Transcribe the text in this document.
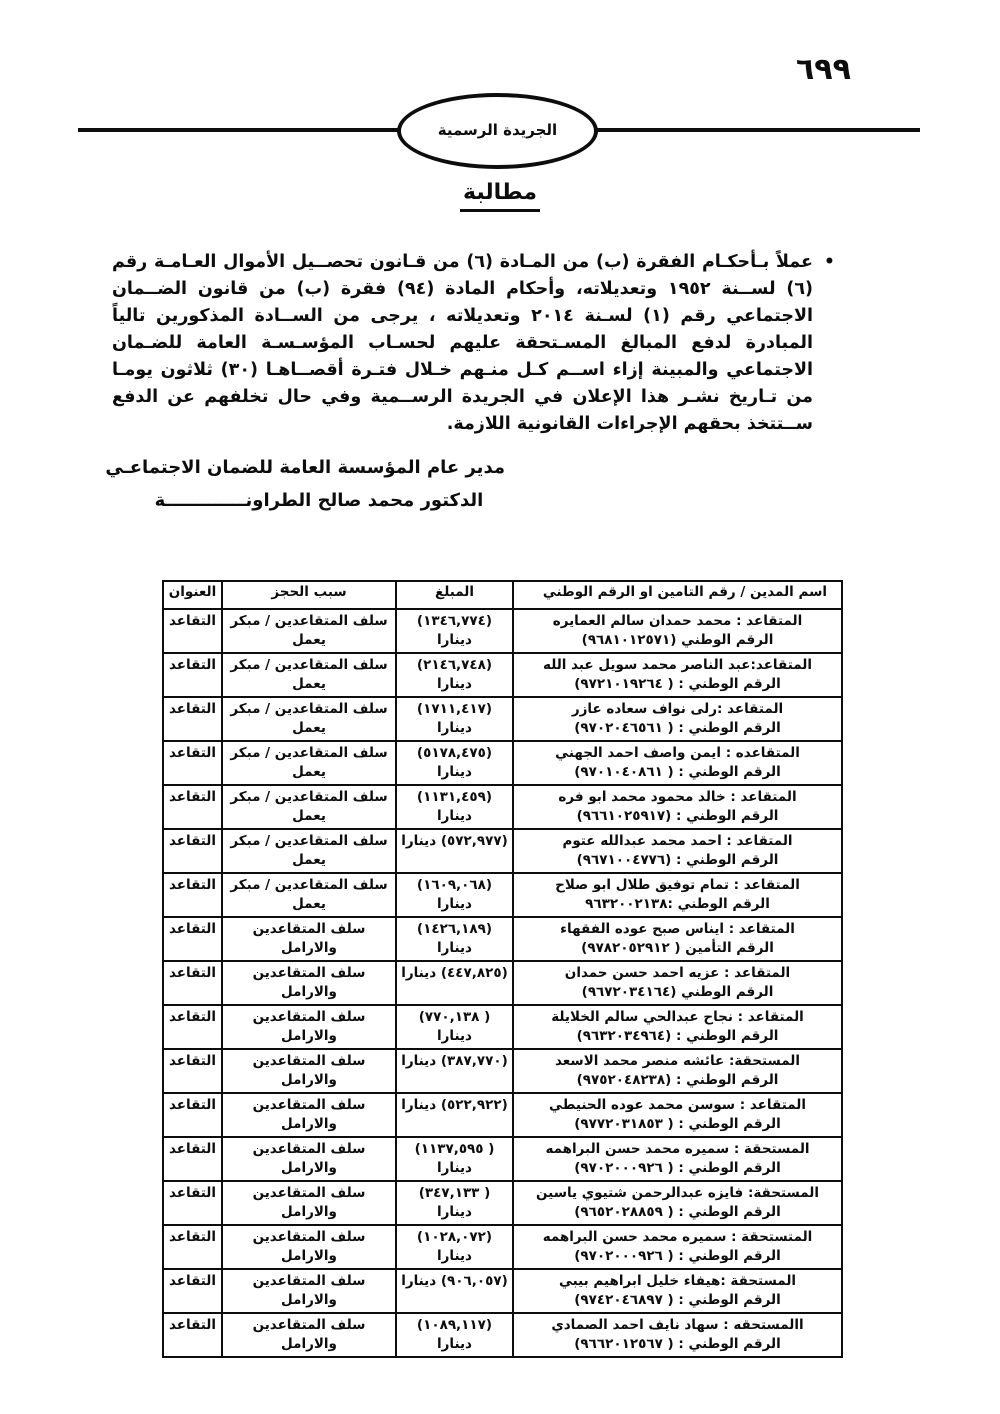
٦٩٩
الجريدة الرسمية
مطالبة
•

عملاً بـأحكـام الفقرة (ب) من المـادة (٦) من قـانون تحصــيل الأموال العـامـة رقم (٦) لســنة ١٩٥٢ وتعديلاته، وأحكام المادة (٩٤) فقرة (ب) من قانون الضــمان الاجتماعي رقم (١) لسـنة ٢٠١٤ وتعديلاته ، يرجى من الســادة المذكورين تالياً المبادرة لدفع المبالغ المسـتحقة عليهم لحسـاب المؤسـسـة العامة للضـمان الاجتماعي والمبينة إزاء اســم كـل منـهم خـلال فتـرة أقصــاهـا (٣٠) ثلاثون يومـا من تـاريخ نشـر هذا الإعلان في الجريدة الرســمية وفي حال تخلفهم عن الدفع ســتتخذ بحقهم الإجراءات القانونية اللازمة.

مدير عام المؤسسة العامة للضمان الاجتماعـي
الدكتور محمد صالح الطراونـــــــــــــة
اسم المدين / رقم التامين او الرقم الوطني	المبلغ	سبب الحجز	العنوان

المتقاعد : محمد حمدان سالم العمايره
الرقم الوطني (٩٦٨١٠١٢٥٧١)	(١٣٤٦,٧٧٤) دينارا	سلف المتقاعدين / مبكر يعمل	التقاعد

المتقاعد:عبد الناصر محمد سويل عبد الله
الرقم الوطني : ( ٩٧٢١٠١٩٢٦٤)	(٢١٤٦,٧٤٨) دينارا	سلف المتقاعدين / مبكر يعمل	التقاعد

المتقاعد :رلى نواف سعاده عازر
الرقم الوطني : ( ٩٧٠٢٠٤٦٥٦١)	(١٧١١,٤١٧) دينارا	سلف المتقاعدين / مبكر يعمل	التقاعد

المتقاعده : ايمن واصف احمد الجهني
الرقم الوطني : ( ٩٧٠١٠٤٠٨٦١)	(٥١٧٨,٤٧٥) دينارا	سلف المتقاعدين / مبكر يعمل	التقاعد

المتقاعد : خالد محمود محمد ابو فره
الرقم الوطني : (٩٦٦١٠٢٥٩١٧)	(١١٣١,٤٥٩) دينارا	سلف المتقاعدين / مبكر يعمل	التقاعد

المتقاعد : احمد محمد عبدالله عتوم
الرقم الوطني : (٩٦٧١٠٠٤٧٧٦)	(٥٧٢,٩٧٧) دينارا	سلف المتقاعدين / مبكر يعمل	التقاعد

المتقاعد : تمام توفيق طلال ابو صلاح
الرقم الوطني :٩٦٣٢٠٠٢١٣٨	(١٦٠٩,٠٦٨) دينارا	سلف المتقاعدين / مبكر يعمل	التقاعد

المتقاعد : ايناس صبح عوده الفقهاء
الرقم التأمين ( ٩٧٨٢٠٥٢٩١٢)	(١٤٢٦,١٨٩) دينارا	سلف المتقاعدين والارامل	التقاعد

المتقاعد : عزيه احمد حسن حمدان
الرقم الوطني (٩٦٧٢٠٣٤١٦٤)	(٤٤٧,٨٢٥) دينارا	سلف المتقاعدين والارامل	التقاعد

المتقاعد : نجاح عبدالحي سالم الخلايلة
الرقم الوطني : (٩٦٣٢٠٣٤٩٦٤)	( ٧٧٠,١٣٨) دينارا	سلف المتقاعدين والارامل	التقاعد

المستحقة: عائشه منصر محمد الاسعد
الرقم الوطني : (٩٧٥٢٠٤٨٢٣٨)	(٣٨٧,٧٧٠) دينارا	سلف المتقاعدين والارامل	التقاعد

المتقاعد : سوسن محمد عوده الحنيطي
الرقم الوطني : ( ٩٧٧٢٠٣١٨٥٣)	(٥٢٢,٩٢٢) دينارا	سلف المتقاعدين والارامل	التقاعد

المستحقة : سميره محمد حسن البراهمه
الرقم الوطني : ( ٩٧٠٢٠٠٠٩٢٦)	( ١١٣٧,٥٩٥) دينارا	سلف المتقاعدين والارامل	التقاعد

المستحقة: فايزه عبدالرحمن شتيوي ياسين
الرقم الوطني : ( ٩٦٥٢٠٢٨٨٥٩)	( ٣٤٧,١٣٣) دينارا	سلف المتقاعدين والارامل	التقاعد

المتستحقة : سميره محمد حسن البراهمه
الرقم الوطني : ( ٩٧٠٢٠٠٠٩٢٦)	(١٠٢٨,٠٧٢) دينارا	سلف المتقاعدين والارامل	التقاعد

المستحقة :هيفاء خليل ابراهيم بيبي
الرقم الوطني : ( ٩٧٤٢٠٤٦٨٩٧)	(٩٠٦,٠٥٧) دينارا	سلف المتقاعدين والارامل	التقاعد

االمستحقه : سهاد نايف احمد الصمادي
الرقم الوطني : ( ٩٦٦٢٠١٢٥٦٧)	(١٠٨٩,١١٧) دينارا	سلف المتقاعدين والارامل	التقاعد
